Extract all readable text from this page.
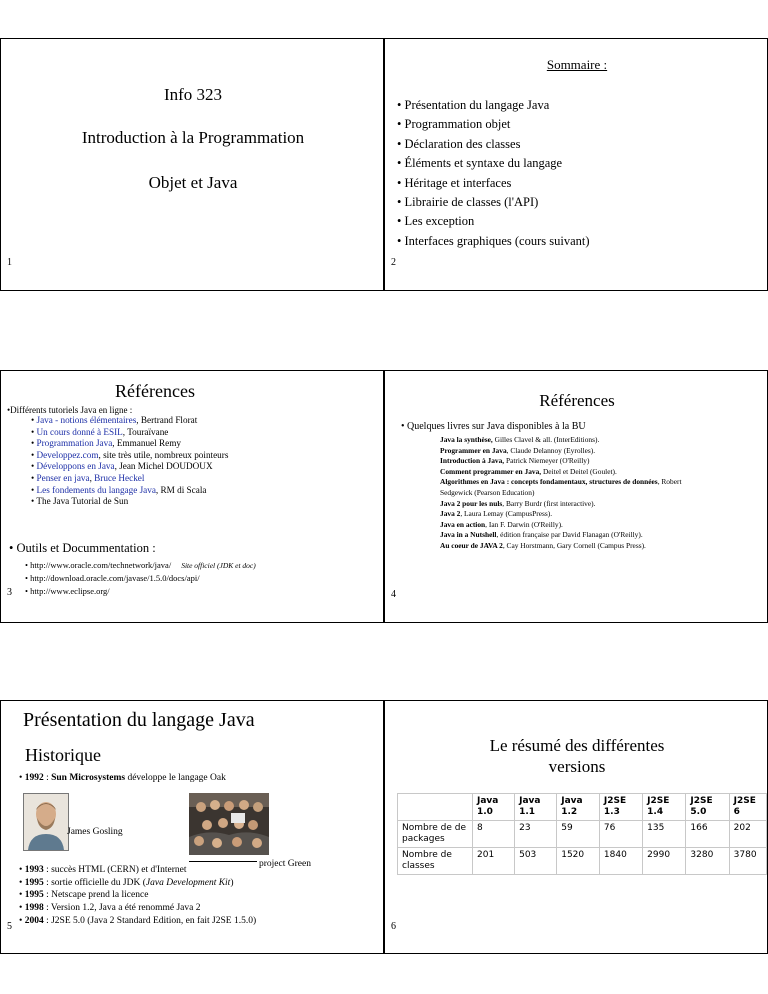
Info 323
Introduction à la Programmation
Objet et Java
1
Sommaire :
• Présentation du langage Java
• Programmation objet
• Déclaration des classes
• Éléments et syntaxe du langage
• Héritage et interfaces
• Librairie de classes (l'API)
• Les exception
• Interfaces graphiques (cours suivant)
2
Références
•Différents tutoriels Java en ligne :
• Java - notions élémentaires, Bertrand Florat
• Un cours donné à ESIL, Touraïvane
• Programmation Java, Emmanuel Remy
• Developpez.com, site très utile, nombreux pointeurs
• Développons en Java, Jean Michel DOUDOUX
• Penser en java, Bruce Heckel
• Les fondements du langage Java, RM di Scala
• The Java Tutorial de Sun
• Outils et Docummentation :
• http://www.oracle.com/technetwork/java/ Site officiel (JDK et doc)
• http://download.oracle.com/javase/1.5.0/docs/api/
• http://www.eclipse.org/
3
Références
• Quelques livres sur Java disponibles à la BU
Java la synthèse, Gilles Clavel & all. (InterEditions).
Programmer en Java, Claude Delannoy (Eyrolles).
Introduction à Java, Patrick Niemeyer (O'Reilly)
Comment programmer en Java, Deitel et Deitel (Goulet).
Algorithmes en Java : concepts fondamentaux, structures de données, Robert Sedgewick (Pearson Education)
Java 2 pour les nuls, Barry Burdr (first interactive).
Java 2, Laura Lemay (CampusPress).
Java en action, Ian F. Darwin (O'Reilly).
Java in a Nutshell, édition française par David Flanagan (O'Reilly).
Au coeur de JAVA 2, Cay Horstmann, Gary Cornell (Campus Press).
4
Présentation du langage Java
Historique
• 1992 : Sun Microsystems développe le langage Oak
James Gosling
project Green
• 1993 : succès HTML (CERN) et d'Internet
• 1995 : sortie officielle du JDK (Java Development Kit)
• 1995 : Netscape prend la licence
• 1998 : Version 1.2, Java a été renommé Java 2
• 2004 : J2SE 5.0 (Java 2 Standard Edition, en fait J2SE 1.5.0)
5
Le résumé des différentes
versions
	Java 1.0	Java 1.1	Java 1.2	J2SE 1.3	J2SE 1.4	J2SE 5.0	J2SE 6
Nombre de de packages	8	23	59	76	135	166	202
Nombre de classes	201	503	1520	1840	2990	3280	3780
6
